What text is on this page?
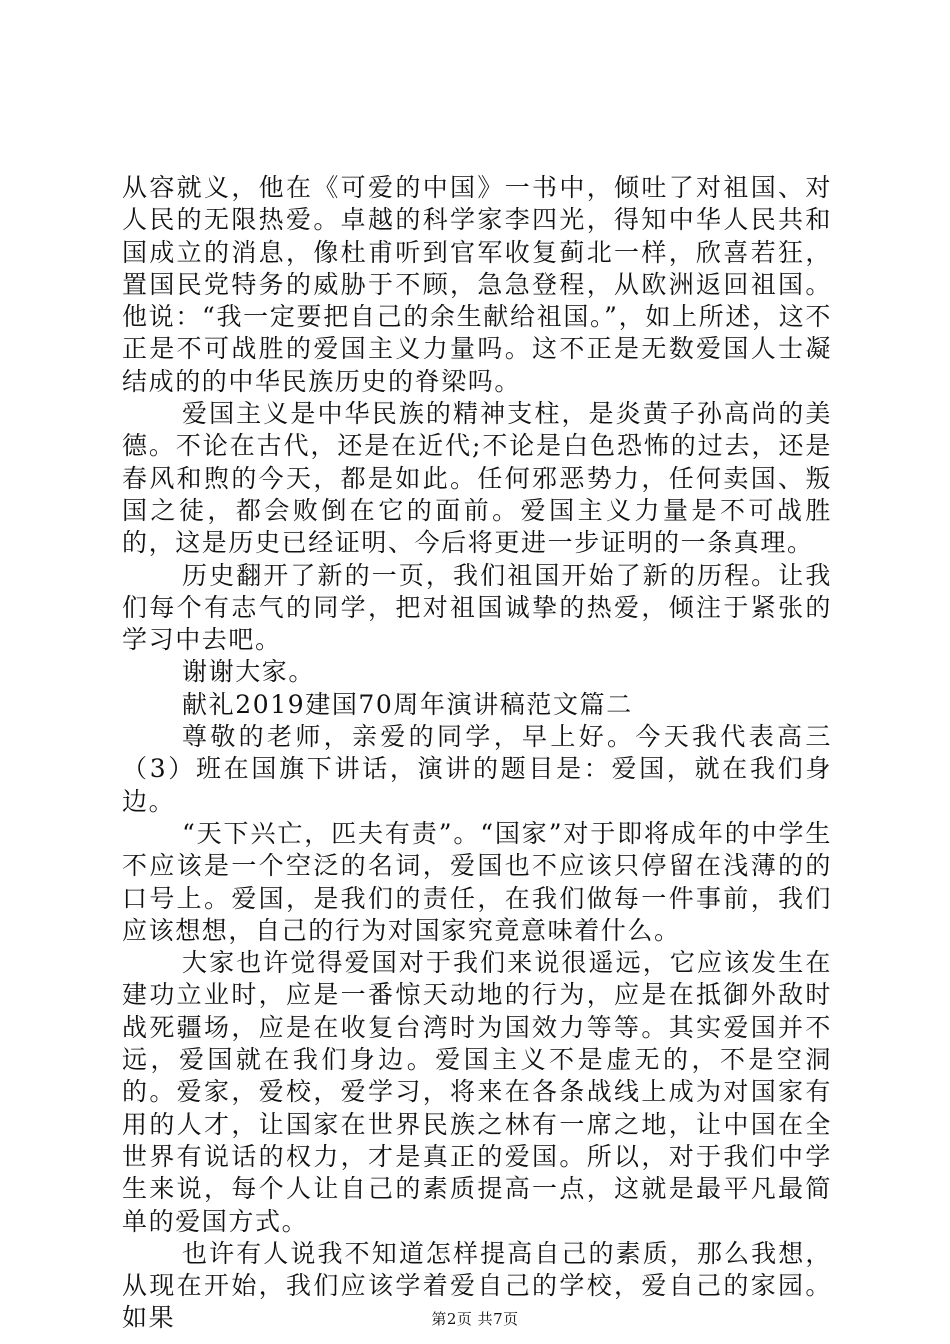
从容就义，他在《可爱的中国》一书中，倾吐了对祖国、对人民的无限热爱。卓越的科学家李四光，得知中华人民共和国成立的消息，像杜甫听到官军收复蓟北一样，欣喜若狂，置国民党特务的威胁于不顾，急急登程，从欧洲返回祖国。他说：“我一定要把自己的余生献给祖国。”，如上所述，这不正是不可战胜的爱国主义力量吗。这不正是无数爱国人士凝结成的的中华民族历史的脊梁吗。

爱国主义是中华民族的精神支柱，是炎黄子孙高尚的美德。不论在古代，还是在近代;不论是白色恐怖的过去，还是春风和煦的今天，都是如此。任何邪恶势力，任何卖国、叛国之徒，都会败倒在它的面前。爱国主义力量是不可战胜的，这是历史已经证明、今后将更进一步证明的一条真理。

历史翻开了新的一页，我们祖国开始了新的历程。让我们每个有志气的同学，把对祖国诚挚的热爱，倾注于紧张的学习中去吧。

谢谢大家。

献礼2019建国70周年演讲稿范文篇二

尊敬的老师，亲爱的同学，早上好。今天我代表高三（3）班在国旗下讲话，演讲的题目是：爱国，就在我们身边。

“天下兴亡，匹夫有责”。“国家”对于即将成年的中学生不应该是一个空泛的名词，爱国也不应该只停留在浅薄的的口号上。爱国，是我们的责任，在我们做每一件事前，我们应该想想，自己的行为对国家究竟意味着什么。

大家也许觉得爱国对于我们来说很遥远，它应该发生在建功立业时，应是一番惊天动地的行为，应是在抵御外敌时战死疆场，应是在收复台湾时为国效力等等。其实爱国并不远，爱国就在我们身边。爱国主义不是虚无的，不是空洞的。爱家，爱校，爱学习，将来在各条战线上成为对国家有用的人才，让国家在世界民族之林有一席之地，让中国在全世界有说话的权力，才是真正的爱国。所以，对于我们中学生来说，每个人让自己的素质提高一点，这就是最平凡最简单的爱国方式。

也许有人说我不知道怎样提高自己的素质，那么我想，从现在开始，我们应该学着爱自己的学校，爱自己的家园。如果	第2页 共7页
